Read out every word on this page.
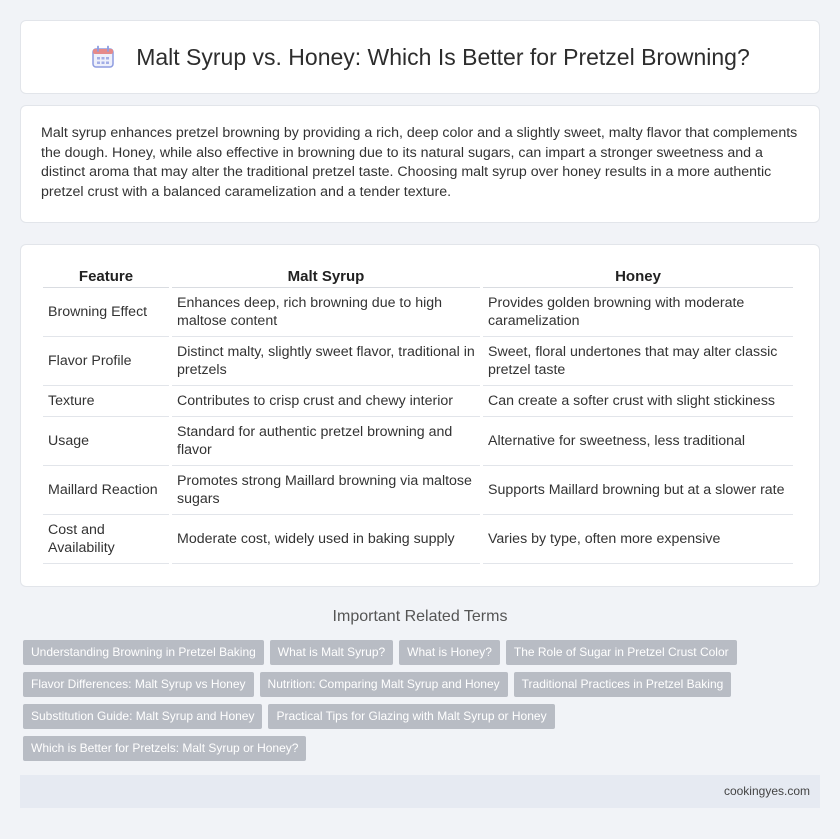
Malt Syrup vs. Honey: Which Is Better for Pretzel Browning?

Malt syrup enhances pretzel browning by providing a rich, deep color and a slightly sweet, malty flavor that complements the dough. Honey, while also effective in browning due to its natural sugars, can impart a stronger sweetness and a distinct aroma that may alter the traditional pretzel taste. Choosing malt syrup over honey results in a more authentic pretzel crust with a balanced caramelization and a tender texture.

Feature	Malt Syrup	Honey
Browning Effect	Enhances deep, rich browning due to high maltose content	Provides golden browning with moderate caramelization
Flavor Profile	Distinct malty, slightly sweet flavor, traditional in pretzels	Sweet, floral undertones that may alter classic pretzel taste
Texture	Contributes to crisp crust and chewy interior	Can create a softer crust with slight stickiness
Usage	Standard for authentic pretzel browning and flavor	Alternative for sweetness, less traditional
Maillard Reaction	Promotes strong Maillard browning via maltose sugars	Supports Maillard browning but at a slower rate
Cost and Availability	Moderate cost, widely used in baking supply	Varies by type, often more expensive
Important Related Terms
Understanding Browning in Pretzel Baking	What is Malt Syrup?	What is Honey?	The Role of Sugar in Pretzel Crust Color
Flavor Differences: Malt Syrup vs Honey	Nutrition: Comparing Malt Syrup and Honey	Traditional Practices in Pretzel Baking
Substitution Guide: Malt Syrup and Honey	Practical Tips for Glazing with Malt Syrup or Honey
Which is Better for Pretzels: Malt Syrup or Honey?
cookingyes.com
